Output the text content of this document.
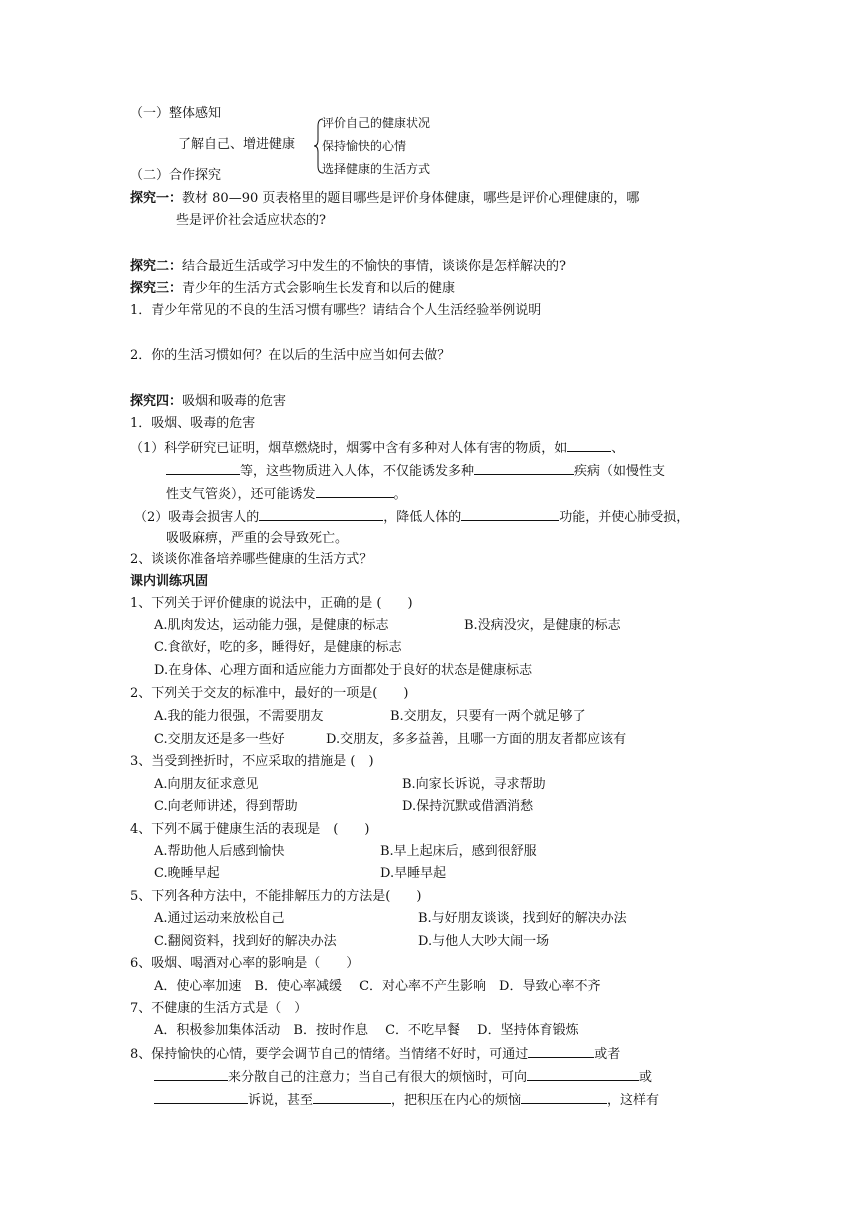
（一）整体感知
了解自己、增进健康
评价自己的健康状况
保持愉快的心情
选择健康的生活方式
（二）合作探究
探究一：教材 80—90 页表格里的题目哪些是评价身体健康，哪些是评价心理健康的，哪
些是评价社会适应状态的?
探究二：结合最近生活或学习中发生的不愉快的事情，谈谈你是怎样解决的?
探究三：青少年的生活方式会影响生长发育和以后的健康
1．青少年常见的不良的生活习惯有哪些？请结合个人生活经验举例说明
2．你的生活习惯如何？在以后的生活中应当如何去做？
探究四：吸烟和吸毒的危害
1．吸烟、吸毒的危害
（1）科学研究已证明，烟草燃烧时，烟雾中含有多种对人体有害的物质，如	、
等，这些物质进入人体，不仅能诱发多种	疾病（如慢性支
性支气管炎），还可能诱发	。
（2）吸毒会损害人的	，降低人体的	功能，并使心肺受损，
吸吸麻痹，严重的会导致死亡。
2、谈谈你准备培养哪些健康的生活方式？
课内训练巩固
1、下列关于评价健康的说法中，正确的是 (　　)
A.肌肉发达，运动能力强，是健康的标志	B.没病没灾，是健康的标志
C.食欲好，吃的多，睡得好，是健康的标志
D.在身体、心理方面和适应能力方面都处于良好的状态是健康标志
2、下列关于交友的标准中，最好的一项是(　　)
A.我的能力很强，不需要朋友	B.交朋友，只要有一两个就足够了
C.交朋友还是多一些好	D.交朋友，多多益善，且哪一方面的朋友者都应该有
3、当受到挫折时，不应采取的措施是 (　)
A.向朋友征求意见	B.向家长诉说，寻求帮助
C.向老师讲述，得到帮助	D.保持沉默或借酒消愁
4、下列不属于健康生活的表现是　(　　)
A.帮助他人后感到愉快	B.早上起床后，感到很舒服
C.晚睡早起	D.早睡早起
5、下列各种方法中，不能排解压力的方法是(　　)
A.通过运动来放松自己	B.与好朋友谈谈，找到好的解决办法
C.翻阅资料，找到好的解决办法	D.与他人大吵大闹一场
6、吸烟、喝酒对心率的影响是（　　）
A．使心率加速　B．使心率减缓　 C．对心率不产生影响　D．导致心率不齐
7、不健康的生活方式是（　）
A．积极参加集体活动　B．按时作息　 C．不吃早餐　 D．坚持体育锻炼
8、保持愉快的心情，要学会调节自己的情绪。当情绪不好时，可通过	或者
来分散自己的注意力；当自己有很大的烦恼时，可向	或
诉说，甚至	，把积压在内心的烦恼	，这样有
